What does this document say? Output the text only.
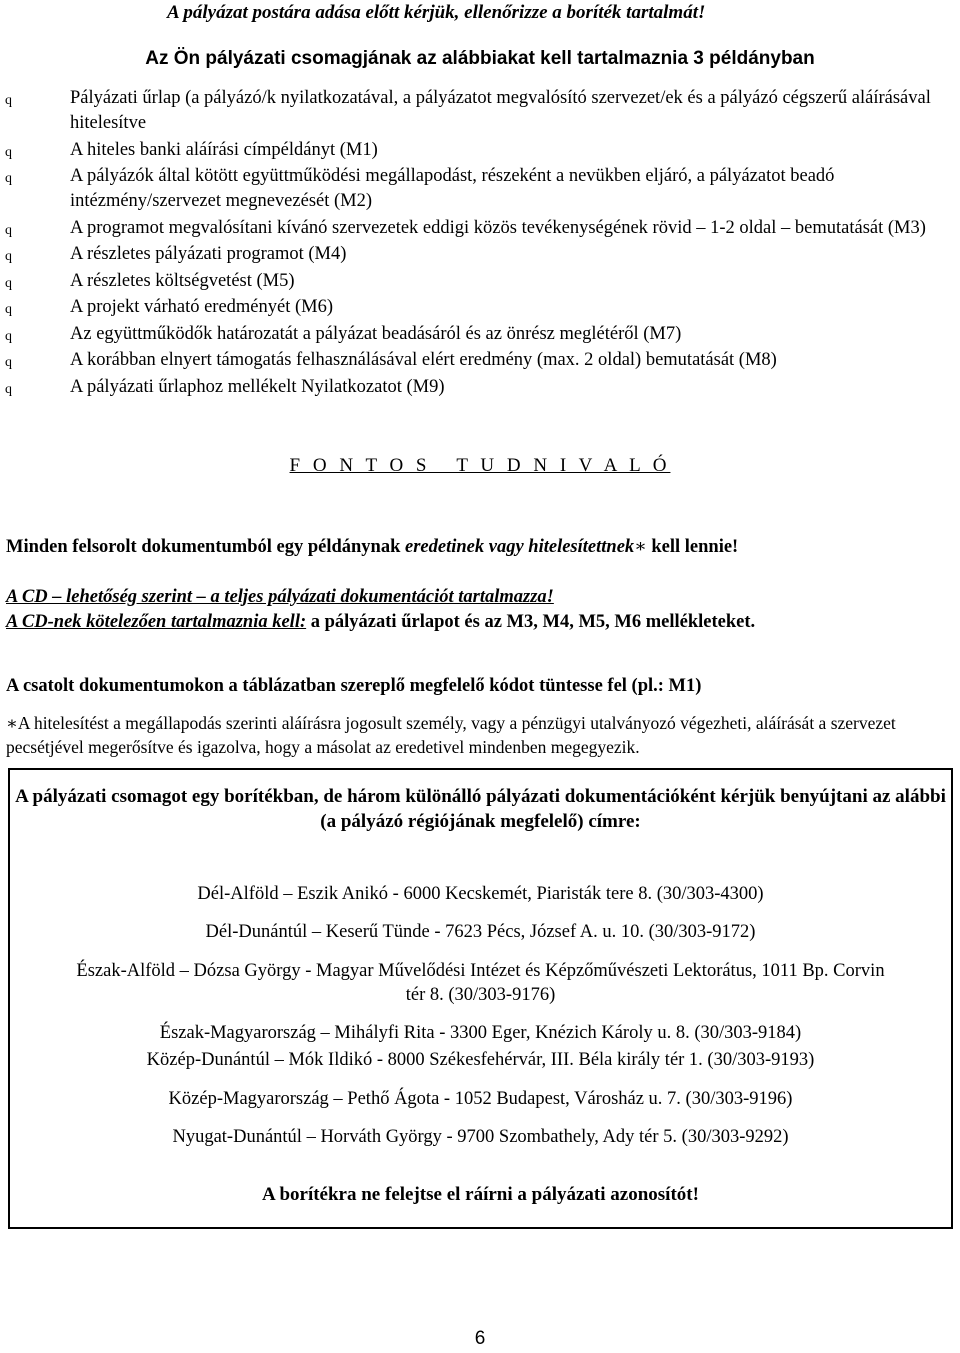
A pályázat postára adása előtt kérjük, ellenőrizze a boríték tartalmát!
Az Ön pályázati csomagjának az alábbiakat kell tartalmaznia 3 példányban
q	Pályázati űrlap (a pályázó/k nyilatkozatával, a pályázatot megvalósító szervezet/ek és a pályázó cégszerű aláírásával hitelesítve
q	A hiteles banki aláírási címpéldányt (M1)
q	A pályázók által kötött együttműködési megállapodást, részeként a nevükben eljáró, a pályázatot beadó intézmény/szervezet megnevezését (M2)
q	A programot megvalósítani kívánó szervezetek eddigi közös tevékenységének rövid – 1-2 oldal – bemutatását (M3)
q	A részletes pályázati programot (M4)
q	A részletes költségvetést (M5)
q	A projekt várható eredményét (M6)
q	Az együttműködők határozatát a pályázat beadásáról és az önrész meglétéről (M7)
q	A korábban elnyert támogatás felhasználásával elért eredmény (max. 2 oldal) bemutatását (M8)
q	A pályázati űrlaphoz mellékelt Nyilatkozatot (M9)
F O N T O S   T U D N I V A L Ó
Minden felsorolt dokumentumból egy példánynak eredetinek vagy hitelesítettnek∗ kell lennie!
A CD – lehetőség szerint – a teljes pályázati dokumentációt tartalmazza!
A CD-nek kötelezően tartalmaznia kell: a pályázati űrlapot és az M3, M4, M5, M6 mellékleteket.
A csatolt dokumentumokon a táblázatban szereplő megfelelő kódot tüntesse fel (pl.: M1)
∗A hitelesítést a megállapodás szerinti aláírásra jogosult személy, vagy a pénzügyi utalványozó végezheti, aláírását a szervezet pecsétjével megerősítve és igazolva, hogy a másolat az eredetivel mindenben megegyezik.
A pályázati csomagot egy borítékban, de három különálló pályázati dokumentációként kérjük benyújtani az alábbi (a pályázó régiójának megfelelő) címre:
Dél-Alföld – Eszik Anikó - 6000 Kecskemét, Piaristák tere 8. (30/303-4300)
Dél-Dunántúl – Keserű Tünde - 7623 Pécs, József A. u. 10. (30/303-9172)
Észak-Alföld – Dózsa György - Magyar Művelődési Intézet és Képzőművészeti Lektorátus, 1011 Bp. Corvin tér 8. (30/303-9176)
Észak-Magyarország – Mihályfi Rita - 3300 Eger, Knézich Károly u. 8. (30/303-9184)
Közép-Dunántúl – Mók Ildikó - 8000 Székesfehérvár, III. Béla király tér 1. (30/303-9193)
Közép-Magyarország – Pethő Ágota - 1052 Budapest, Városház u. 7. (30/303-9196)
Nyugat-Dunántúl – Horváth György - 9700 Szombathely, Ady tér 5. (30/303-9292)
A borítékra ne felejtse el ráírni a pályázati azonosítót!
6
